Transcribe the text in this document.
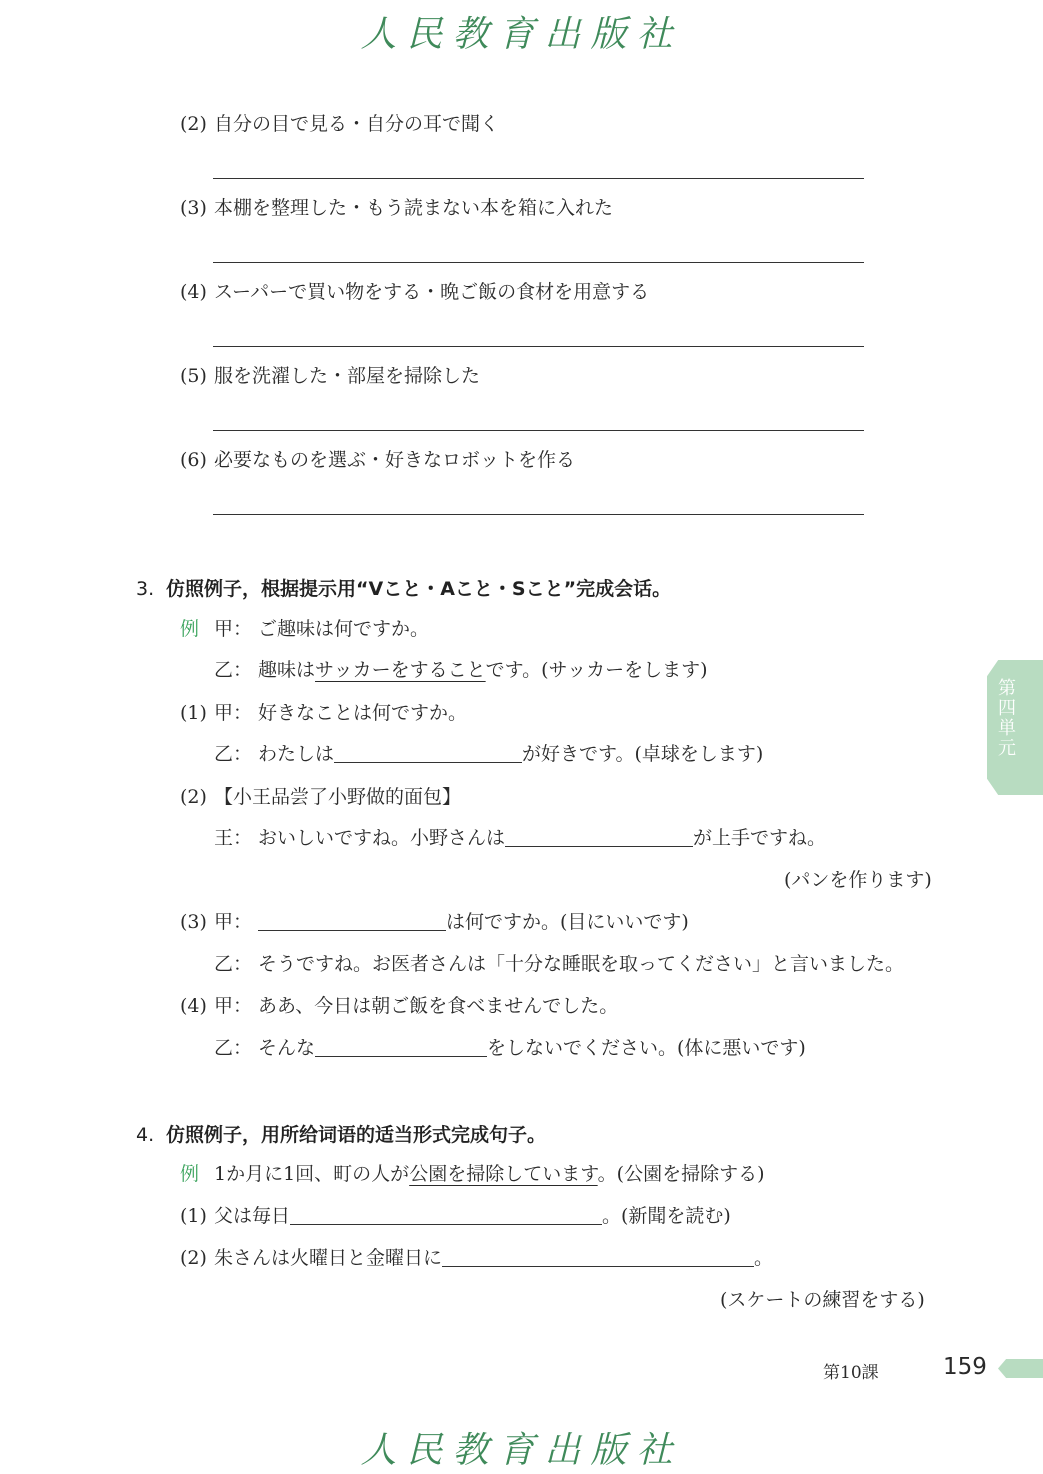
人民教育出版社
(2) 自分の目で見る・自分の耳で聞く
(3) 本棚を整理した・もう読まない本を箱に入れた
(4) スーパーで買い物をする・晩ご飯の食材を用意する
(5) 服を洗濯した・部屋を掃除した
(6) 必要なものを選ぶ・好きなロボットを作る
3. 仿照例子，根据提示用“Vこと・Aこと・Sこと”完成会话。
例 甲： ご趣味は何ですか。
乙： 趣味はサッカーをすることです。(サッカーをします)
(1) 甲： 好きなことは何ですか。
乙： わたしは	が好きです。(卓球をします)
(2) 【小王品尝了小野做的面包】
王： おいしいですね。小野さんは	が上手ですね。
(パンを作ります)
(3) 甲：	は何ですか。(目にいいです)
乙： そうですね。お医者さんは「十分な睡眠を取ってください」と言いました。
(4) 甲： ああ、今日は朝ご飯を食べませんでした。
乙： そんな	をしないでください。(体に悪いです)
4. 仿照例子，用所给词语的适当形式完成句子。
例 1か月に1回、町の人が公園を掃除しています。(公園を掃除する)
(1) 父は毎日	。(新聞を読む)
(2) 朱さんは火曜日と金曜日に	。
(スケートの練習をする)
第四単元
第10課	159
人民教育出版社
